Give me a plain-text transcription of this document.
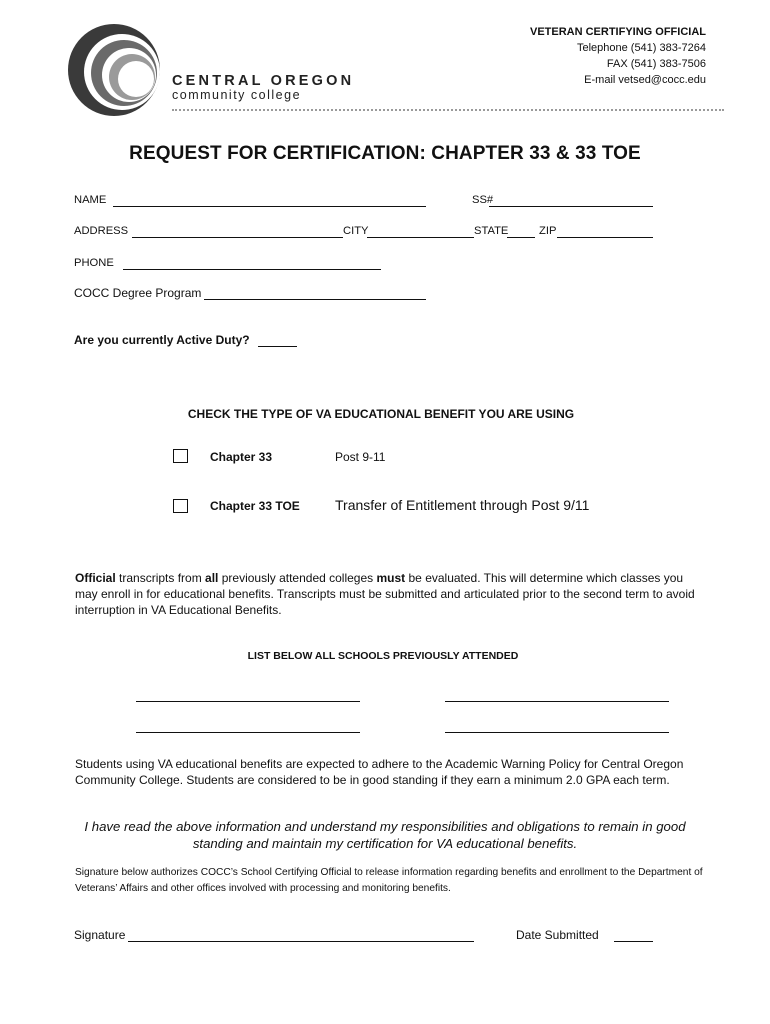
CENTRAL OREGON
community college
VETERAN CERTIFYING OFFICIAL
Telephone (541) 383-7264
FAX (541) 383-7506
E-mail vetsed@cocc.edu
REQUEST FOR CERTIFICATION: CHAPTER 33 & 33 TOE
NAME	SS#
ADDRESS	CITY	STATE	ZIP
PHONE
COCC Degree Program
Are you currently Active Duty?
CHECK THE TYPE OF VA EDUCATIONAL BENEFIT YOU ARE USING
Chapter 33	Post 9-11
Chapter 33 TOE	Transfer of Entitlement through Post 9/11
Official transcripts from all previously attended colleges must be evaluated. This will determine which classes you may enroll in for educational benefits. Transcripts must be submitted and articulated prior to the second term to avoid interruption in VA Educational Benefits.
LIST BELOW ALL SCHOOLS PREVIOUSLY ATTENDED
Students using VA educational benefits are expected to adhere to the Academic Warning Policy for Central Oregon Community College. Students are considered to be in good standing if they earn a minimum 2.0 GPA each term.
I have read the above information and understand my responsibilities and obligations to remain in good standing and maintain my certification for VA educational benefits.
Signature below authorizes COCC’s School Certifying Official to release information regarding benefits and enrollment to the Department of Veterans’ Affairs and other offices involved with processing and monitoring benefits.
Signature	Date Submitted
